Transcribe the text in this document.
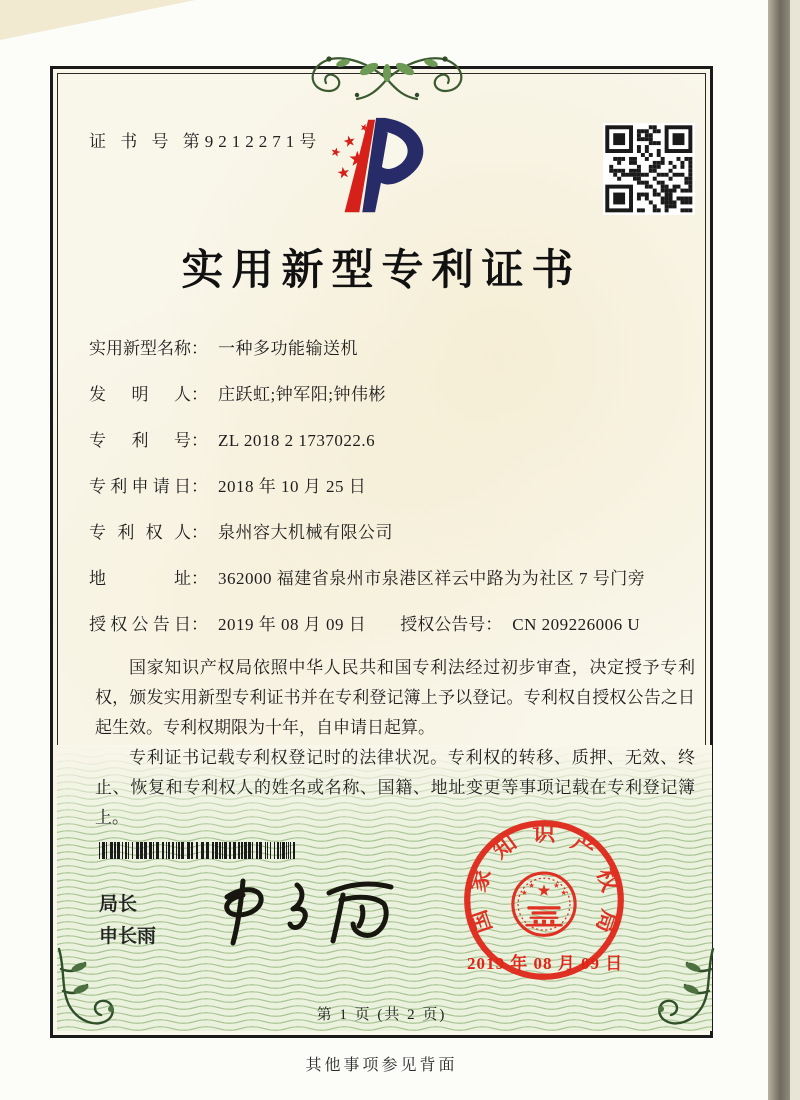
证 书 号 第9212271号
实用新型专利证书
实用新型名称： 一种多功能输送机
发明人： 庄跃虹;钟军阳;钟伟彬
专利号： ZL 2018 2 1737022.6
专利申请日： 2018 年 10 月 25 日
专利权人： 泉州容大机械有限公司
地址： 362000 福建省泉州市泉港区祥云中路为为社区 7 号门旁
授权公告日： 2019 年 08 月 09 日 授权公告号： CN 209226006 U

国家知识产权局依照中华人民共和国专利法经过初步审查，决定授予专利权，颁发实用新型专利证书并在专利登记簿上予以登记。专利权自授权公告之日起生效。专利权期限为十年，自申请日起算。

专利证书记载专利权登记时的法律状况。专利权的转移、质押、无效、终止、恢复和专利权人的姓名或名称、国籍、地址变更等事项记载在专利登记簿上。

局长
申长雨	国家知识产权局
2019 年 08 月 09 日
第 1 页 (共 2 页)
其他事项参见背面
